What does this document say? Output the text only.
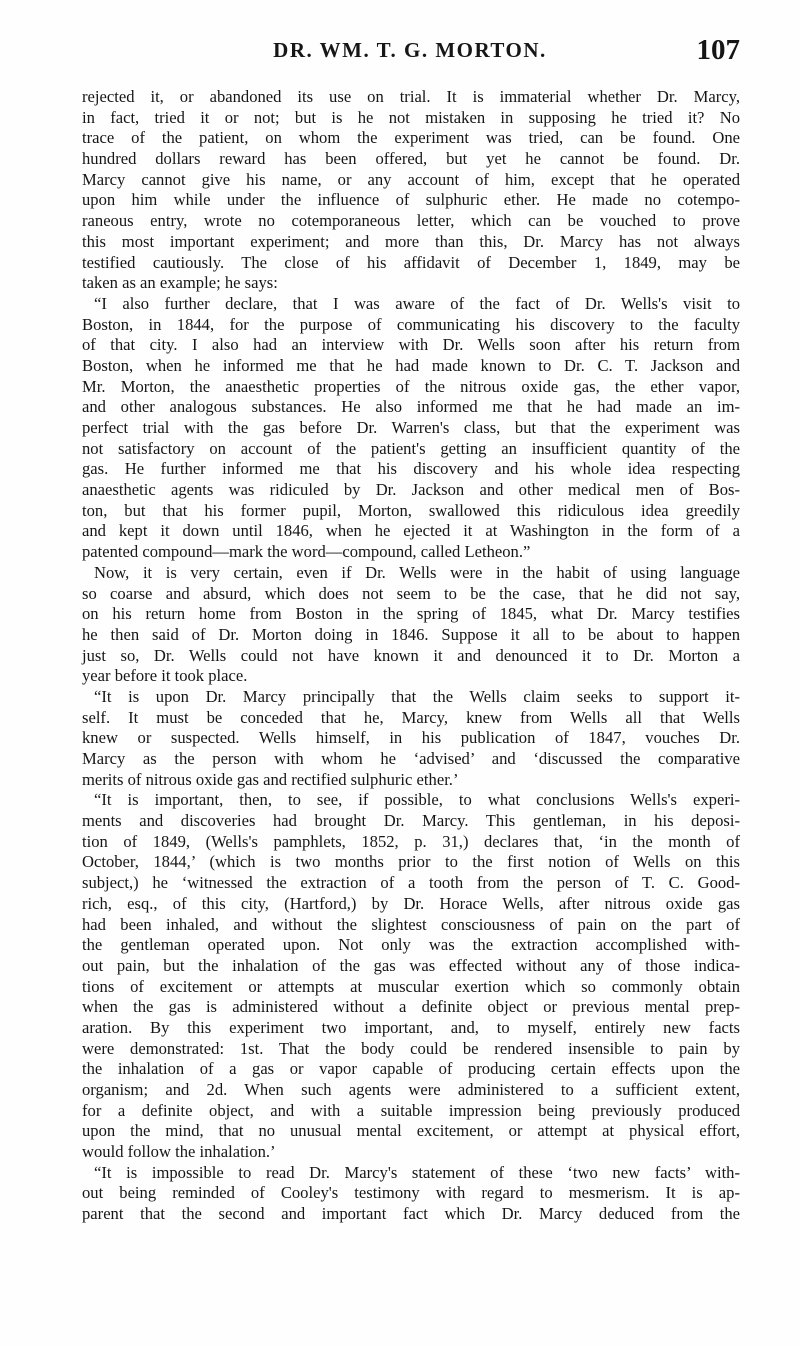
DR. WM. T. G. MORTON.	107
rejected it, or abandoned its use on trial. It is immaterial whether Dr. Marcy,
in fact, tried it or not; but is he not mistaken in supposing he tried it? No
trace of the patient, on whom the experiment was tried, can be found. One
hundred dollars reward has been offered, but yet he cannot be found. Dr.
Marcy cannot give his name, or any account of him, except that he operated
upon him while under the influence of sulphuric ether. He made no cotempo-
raneous entry, wrote no cotemporaneous letter, which can be vouched to prove
this most important experiment; and more than this, Dr. Marcy has not always
testified cautiously. The close of his affidavit of December 1, 1849, may be
taken as an example; he says:
“I also further declare, that I was aware of the fact of Dr. Wells's visit to
Boston, in 1844, for the purpose of communicating his discovery to the faculty
of that city. I also had an interview with Dr. Wells soon after his return from
Boston, when he informed me that he had made known to Dr. C. T. Jackson and
Mr. Morton, the anaesthetic properties of the nitrous oxide gas, the ether vapor,
and other analogous substances. He also informed me that he had made an im-
perfect trial with the gas before Dr. Warren's class, but that the experiment was
not satisfactory on account of the patient's getting an insufficient quantity of the
gas. He further informed me that his discovery and his whole idea respecting
anaesthetic agents was ridiculed by Dr. Jackson and other medical men of Bos-
ton, but that his former pupil, Morton, swallowed this ridiculous idea greedily
and kept it down until 1846, when he ejected it at Washington in the form of a
patented compound—mark the word—compound, called Letheon.”
Now, it is very certain, even if Dr. Wells were in the habit of using language
so coarse and absurd, which does not seem to be the case, that he did not say,
on his return home from Boston in the spring of 1845, what Dr. Marcy testifies
he then said of Dr. Morton doing in 1846. Suppose it all to be about to happen
just so, Dr. Wells could not have known it and denounced it to Dr. Morton a
year before it took place.
“It is upon Dr. Marcy principally that the Wells claim seeks to support it-
self. It must be conceded that he, Marcy, knew from Wells all that Wells
knew or suspected. Wells himself, in his publication of 1847, vouches Dr.
Marcy as the person with whom he ‘advised’ and ‘discussed the comparative
merits of nitrous oxide gas and rectified sulphuric ether.’
“It is important, then, to see, if possible, to what conclusions Wells's experi-
ments and discoveries had brought Dr. Marcy. This gentleman, in his deposi-
tion of 1849, (Wells's pamphlets, 1852, p. 31,) declares that, ‘in the month of
October, 1844,’ (which is two months prior to the first notion of Wells on this
subject,) he ‘witnessed the extraction of a tooth from the person of T. C. Good-
rich, esq., of this city, (Hartford,) by Dr. Horace Wells, after nitrous oxide gas
had been inhaled, and without the slightest consciousness of pain on the part of
the gentleman operated upon. Not only was the extraction accomplished with-
out pain, but the inhalation of the gas was effected without any of those indica-
tions of excitement or attempts at muscular exertion which so commonly obtain
when the gas is administered without a definite object or previous mental prep-
aration. By this experiment two important, and, to myself, entirely new facts
were demonstrated: 1st. That the body could be rendered insensible to pain by
the inhalation of a gas or vapor capable of producing certain effects upon the
organism; and 2d. When such agents were administered to a sufficient extent,
for a definite object, and with a suitable impression being previously produced
upon the mind, that no unusual mental excitement, or attempt at physical effort,
would follow the inhalation.’
“It is impossible to read Dr. Marcy's statement of these ‘two new facts’ with-
out being reminded of Cooley's testimony with regard to mesmerism. It is ap-
parent that the second and important fact which Dr. Marcy deduced from the
